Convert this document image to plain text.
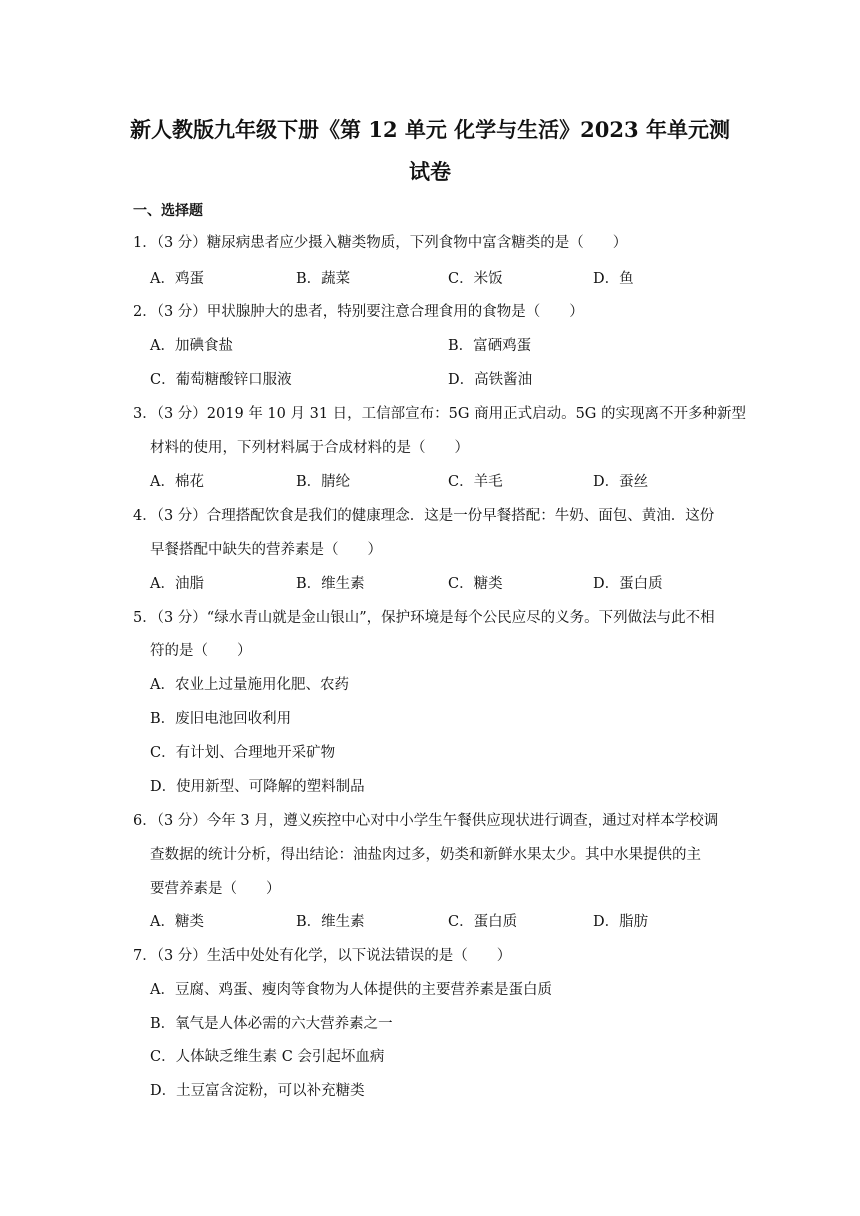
新人教版九年级下册《第 12 单元 化学与生活》2023 年单元测
试卷
一、选择题
1．（3 分）糖尿病患者应少摄入糖类物质，下列食物中富含糖类的是（　　）
A．鸡蛋	B．蔬菜	C．米饭	D．鱼
2．（3 分）甲状腺肿大的患者，特别要注意合理食用的食物是（　　）
A．加碘食盐	B．富硒鸡蛋
C．葡萄糖酸锌口服液	D．高铁酱油
3．（3 分）2019 年 10 月 31 日，工信部宣布：5G 商用正式启动。5G 的实现离不开多种新型
材料的使用，下列材料属于合成材料的是（　　）
A．棉花	B．腈纶	C．羊毛	D．蚕丝
4．（3 分）合理搭配饮食是我们的健康理念．这是一份早餐搭配：牛奶、面包、黄油．这份
早餐搭配中缺失的营养素是（　　）
A．油脂	B．维生素	C．糖类	D．蛋白质
5．（3 分）“绿水青山就是金山银山”，保护环境是每个公民应尽的义务。下列做法与此不相
符的是（　　）
A．农业上过量施用化肥、农药
B．废旧电池回收利用
C．有计划、合理地开采矿物
D．使用新型、可降解的塑料制品
6．（3 分）今年 3 月，遵义疾控中心对中小学生午餐供应现状进行调查，通过对样本学校调
查数据的统计分析，得出结论：油盐肉过多，奶类和新鲜水果太少。其中水果提供的主
要营养素是（　　）
A．糖类	B．维生素	C．蛋白质	D．脂肪
7．（3 分）生活中处处有化学，以下说法错误的是（　　）
A．豆腐、鸡蛋、瘦肉等食物为人体提供的主要营养素是蛋白质
B．氧气是人体必需的六大营养素之一
C．人体缺乏维生素 C 会引起坏血病
D．土豆富含淀粉，可以补充糖类
